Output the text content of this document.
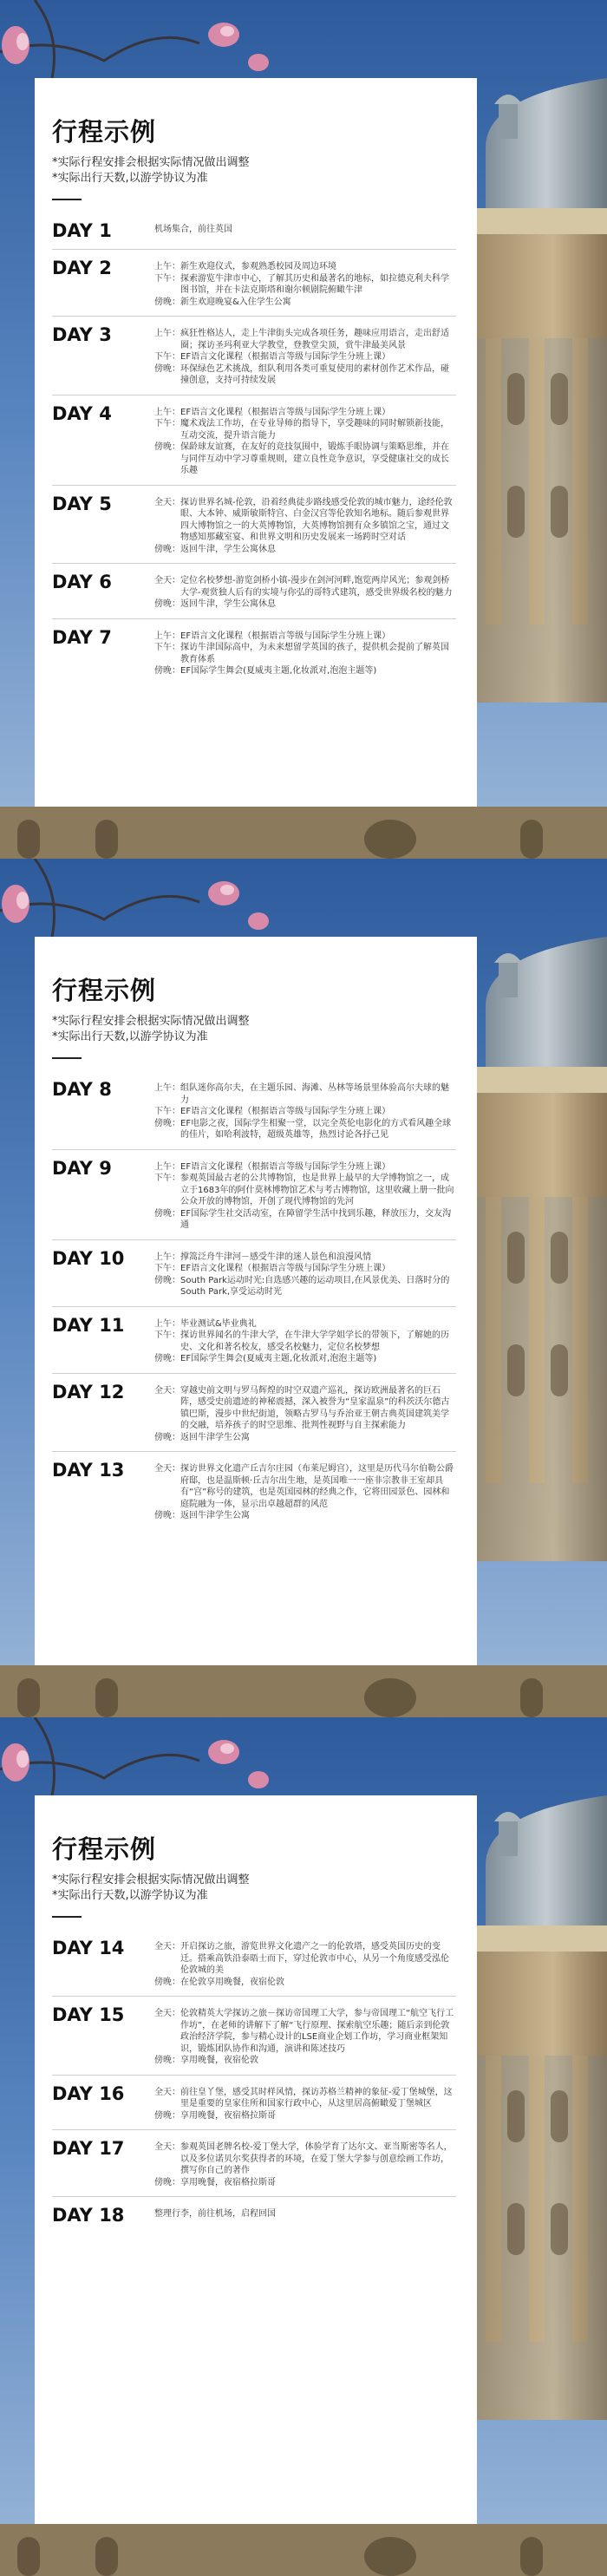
行程示例

*实际行程安排会根据实际情况做出调整

*实际出行天数,以游学协议为准

DAY 1	机场集合，前往英国
DAY 2	上午： 新生欢迎仪式，参观熟悉校园及周边环境
下午： 探索游览牛津市中心，了解其历史和最著名的地标，如拉德克利夫科学图书馆，并在卡法克斯塔和谢尔顿剧院俯瞰牛津
傍晚： 新生欢迎晚宴&入住学生公寓
DAY 3	上午： 疯狂性格达人，走上牛津街头完成各项任务，趣味应用语言，走出舒适圈；探访圣玛利亚大学教堂，登教堂尖顶，赏牛津最美风景
下午： EF语言文化课程（根据语言等级与国际学生分班上课）
傍晚： 环保绿色艺术挑战，组队利用各类可重复使用的素材创作艺术作品，碰撞创意，支持可持续发展
DAY 4	上午： EF语言文化课程（根据语言等级与国际学生分班上课）
下午： 魔术戏法工作坊，在专业导师的指导下，享受趣味的同时解锁新技能，互动交流，提升语言能力
傍晚： 保龄球友谊赛，在友好的竞技氛围中，锻炼手眼协调与策略思维，并在与同伴互动中学习尊重规则，建立良性竞争意识，享受健康社交的成长乐趣
DAY 5	全天： 探访世界名城-伦敦，沿着经典徒步路线感受伦敦的城市魅力，途经伦敦眼、大本钟、威斯敏斯特宫、白金汉宫等伦敦知名地标。随后参观世界四大博物馆之一的大英博物馆，大英博物馆拥有众多镇馆之宝，通过文物感知那藏室宴、和世界文明和历史发展来一场跨时空对话
傍晚： 返回牛津，学生公寓休息
DAY 6	全天： 定位名校梦想-游览剑桥小镇-漫步在剑河河畔,饱览两岸风光；参观剑桥大学-观赏独人后有的实境与你弘的哥特式建筑，感受世界级名校的魅力
傍晚： 返回牛津，学生公寓休息
DAY 7	上午： EF语言文化课程（根据语言等级与国际学生分班上课）
下午： 探访牛津国际高中，为未来想留学英国的孩子，提供机会提前了解英国教育体系
傍晚： EF国际学生舞会(夏威夷主题,化妆派对,泡泡主题等)
行程示例

*实际行程安排会根据实际情况做出调整

*实际出行天数,以游学协议为准

DAY 8	上午： 组队迷你高尔夫，在主题乐园、海滩、丛林等场景里体验高尔夫球的魅力
下午： EF语言文化课程（根据语言等级与国际学生分班上课）
傍晚： EF电影之夜，国际学生相聚一堂，以完全英伦电影化的方式看风趣全球的佳片，如哈利波特，超级英雄等，热烈讨论各抒己见
DAY 9	上午： EF语言文化课程（根据语言等级与国际学生分班上课）
下午： 参观英国最古老的公共博物馆，也是世界上最早的大学博物馆之一，成立于1683年的阿什莫林博物馆艺术与考古博物馆，这里收藏上册一批向公众开放的博物馆，开创了现代博物馆的先河
傍晚： EF国际学生社交活动室，在障留学生活中找到乐趣，释放压力，交友沟通
DAY 10	上午： 撑篙泛舟牛津河－感受牛津的迷人景色和浪漫风情
下午： EF语言文化课程（根据语言等级与国际学生分班上课）
傍晚： South Park运动时光:自选感兴趣的运动项目,在风景优美、日落时分的South Park,享受运动时光
DAY 11	上午： 毕业测试&毕业典礼
下午： 探访世界闻名的牛津大学，在牛津大学学姐学长的带领下，了解她的历史、文化和著名校友，感受名校魅力，定位名校梦想
傍晚： EF国际学生舞会(夏威夷主题,化妆派对,泡泡主题等)
DAY 12	全天： 穿越史前文明与罗马辉煌的时空双遗产巡礼，探访欧洲最著名的巨石阵，感受史前遗迹的神秘震撼，深入被誉为“皇家温泉”的科茨沃尔德古镇巴斯，漫步中世纪街道，领略古罗马与乔治亚王朝古典英国建筑美学的交融，培养孩子的时空思维、批判性视野与自主探索能力
傍晚： 返回牛津学生公寓
DAY 13	全天： 探访世界文化遗产丘吉尔庄园（布莱尼姆宫），这里是历代马尔伯勒公爵府邸，也是温斯顿·丘吉尔出生地，是英国唯一一座非宗教非王室却具有“宫”称号的建筑，也是英国园林的经典之作，它将田园景色、园林和庭院融为一体，显示出卓越超群的风范
傍晚： 返回牛津学生公寓
行程示例

*实际行程安排会根据实际情况做出调整

*实际出行天数,以游学协议为准

DAY 14	全天： 开启探访之旅，游览世界文化遗产之一的伦敦塔，感受英国历史的变迁。搭乘高铁沿泰晤士而下，穿过伦敦市中心，从另一个角度感受泓伦伦敦城的美
傍晚： 在伦敦享用晚餐，夜宿伦敦
DAY 15	全天： 伦敦精英大学探访之旅－探访帝国理工大学，参与帝国理工“航空飞行工作坊”，在老师的讲解下了解“飞行原理、探索航空乐趣；随后亲到伦敦政治经济学院，参与精心设计的LSE商业企划工作坊，学习商业框架知识，锻炼团队协作和沟通，演讲和陈述技巧
傍晚： 享用晚餐，夜宿伦敦
DAY 16	全天： 前往皇丫堡，感受其时样风情，探访苏格兰精神的象征-爱丁堡城堡，这里是重要的皇家住所和国家行政中心，从这里居高俯瞰爱丁堡城区
傍晚： 享用晚餐，夜宿格拉斯哥
DAY 17	全天： 参观英国老牌名校-爱丁堡大学，体验学育了达尔文、亚当斯密等名人，以及多位诺贝尔奖获得者的环境，在爱丁堡大学参与创意绘画工作坊，撰写你自己的著作
傍晚： 享用晚餐，夜宿格拉斯哥
DAY 18	整理行李，前往机场，启程回国
